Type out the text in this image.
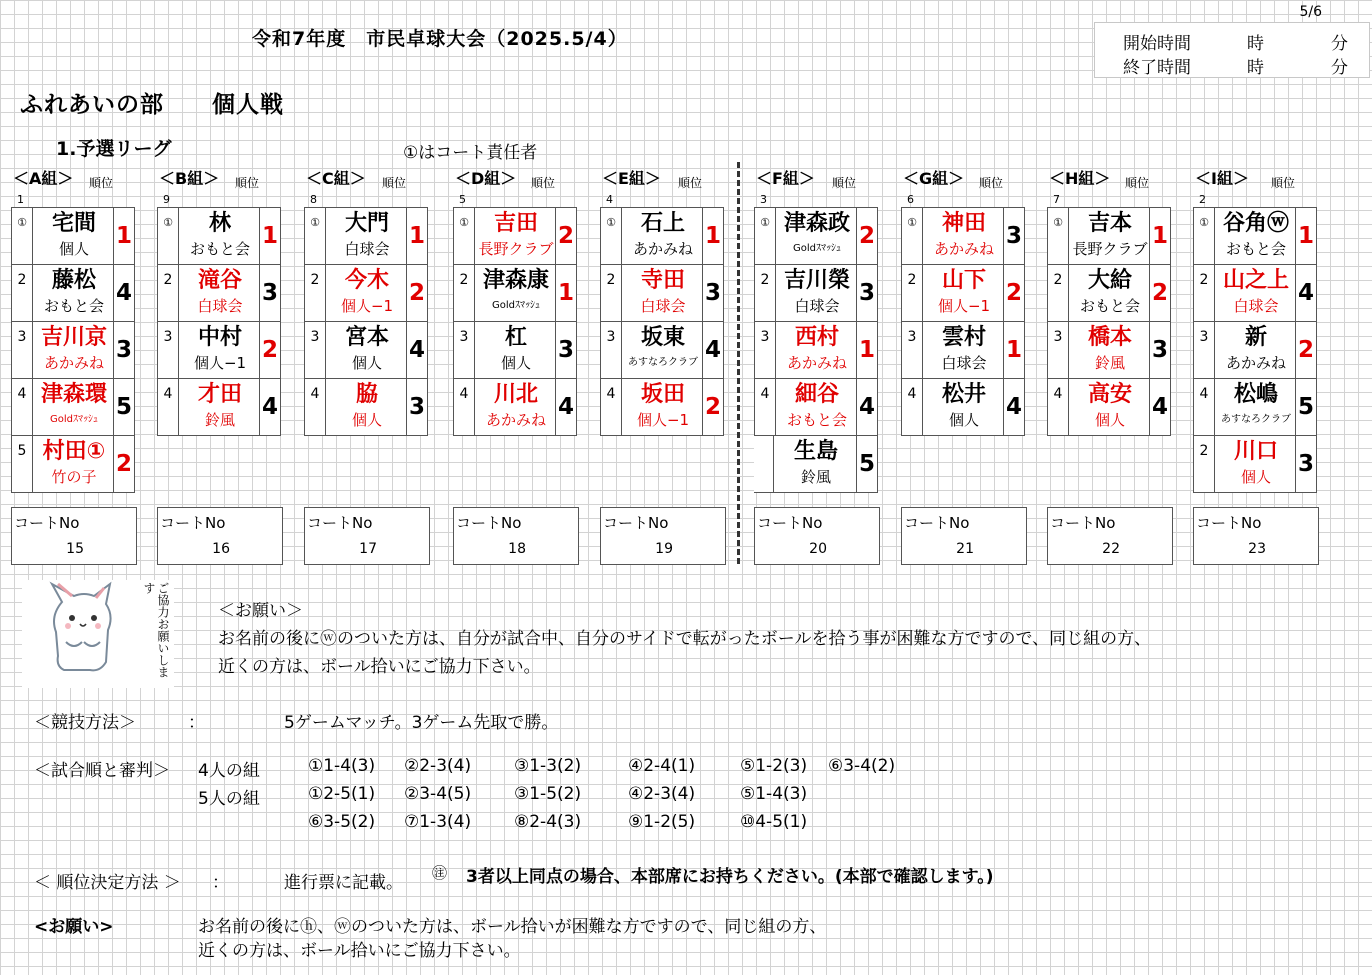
5/6
令和7年度　市民卓球大会（2025.5/4）	開始時間	時	分
終了時間	時	分
ふれあいの部　　個人戦
1.予選リーグ	①はコート責任者
＜A組＞ 順位
1
①	宅間
個人	1
2	藤松
おもと会 4
3 吉川京
あかみね 3
4 津森環
Goldｽﾏｯｼｭ 5
5 村田①
竹の子 2
コートNo
15
＜B組＞ 順位
9
①	林
おもと会 1
2	滝谷
白球会 3
3	中村
個人−1 2
4	才田
鈴風	4
コートNo
16
＜C組＞ 順位
8
①	大門
白球会 1
2	今木
個人−1 2
3	宮本
個人	4
4	脇
個人	3
コートNo
17
＜D組＞ 順位
5
①	吉田
長野クラブ 2
2 津森康
Goldｽﾏｯｼｭ 1
3	杠
個人	3
4	川北
あかみね 4
コートNo
18
＜E組＞ 順位
4
①	石上
あかみね 1
2	寺田
白球会 3
3	坂東
あすなろクラブ 4
4	坂田
個人−1 2
コートNo
19
＜F組＞ 順位
3
① 津森政
Goldｽﾏｯｼｭ 2
2 吉川榮
白球会 3
3	西村
あかみね 1
4	細谷
おもと会 4
生島
鈴風	5
コートNo
20
＜G組＞ 順位
6
①	神田
あかみね 3
2	山下
個人−1 2
3	雲村
白球会 1
4	松井
個人	4
コートNo
21
＜H組＞ 順位
7
①	吉本
長野クラブ 1
2	大給
おもと会 2
3	橋本
鈴風	3
4	高安
個人	4
コートNo
22
＜I組＞ 順位
2
① 谷角ⓦ
おもと会 1
2 山之上
白球会 4
3	新
あかみね 2
4	松嶋
あすなろクラブ 5
2	川口
個人	3
コートNo
23
ご協力お願いします
＜お願い＞
お名前の後にⓦのついた方は、自分が試合中、自分のサイドで転がったボールを拾う事が困難な方ですので、同じ組の方、
近くの方は、ボール拾いにご協力下さい。
＜競技方法＞	：	5ゲームマッチ。3ゲーム先取で勝。
＜試合順と審判＞ 4人の組
5人の組
①1-4(3) ②2-3(4)	③1-3(2)	④2-4(1)	⑤1-2(3) ⑥3-4(2)
①2-5(1) ②3-4(5)	③1-5(2)	④2-3(4)	⑤1-4(3)
⑥3-5(2) ⑦1-3(4)	⑧2-4(3)	⑨1-2(5)	⑩4-5(1)
＜ 順位決定方法 ＞ ：	進行票に記載。 ㊟ 3者以上同点の場合、本部席にお持ちください。(本部で確認します。)
<お願い>	お名前の後にⓗ、ⓦのついた方は、ボール拾いが困難な方ですので、同じ組の方、
近くの方は、ボール拾いにご協力下さい。
